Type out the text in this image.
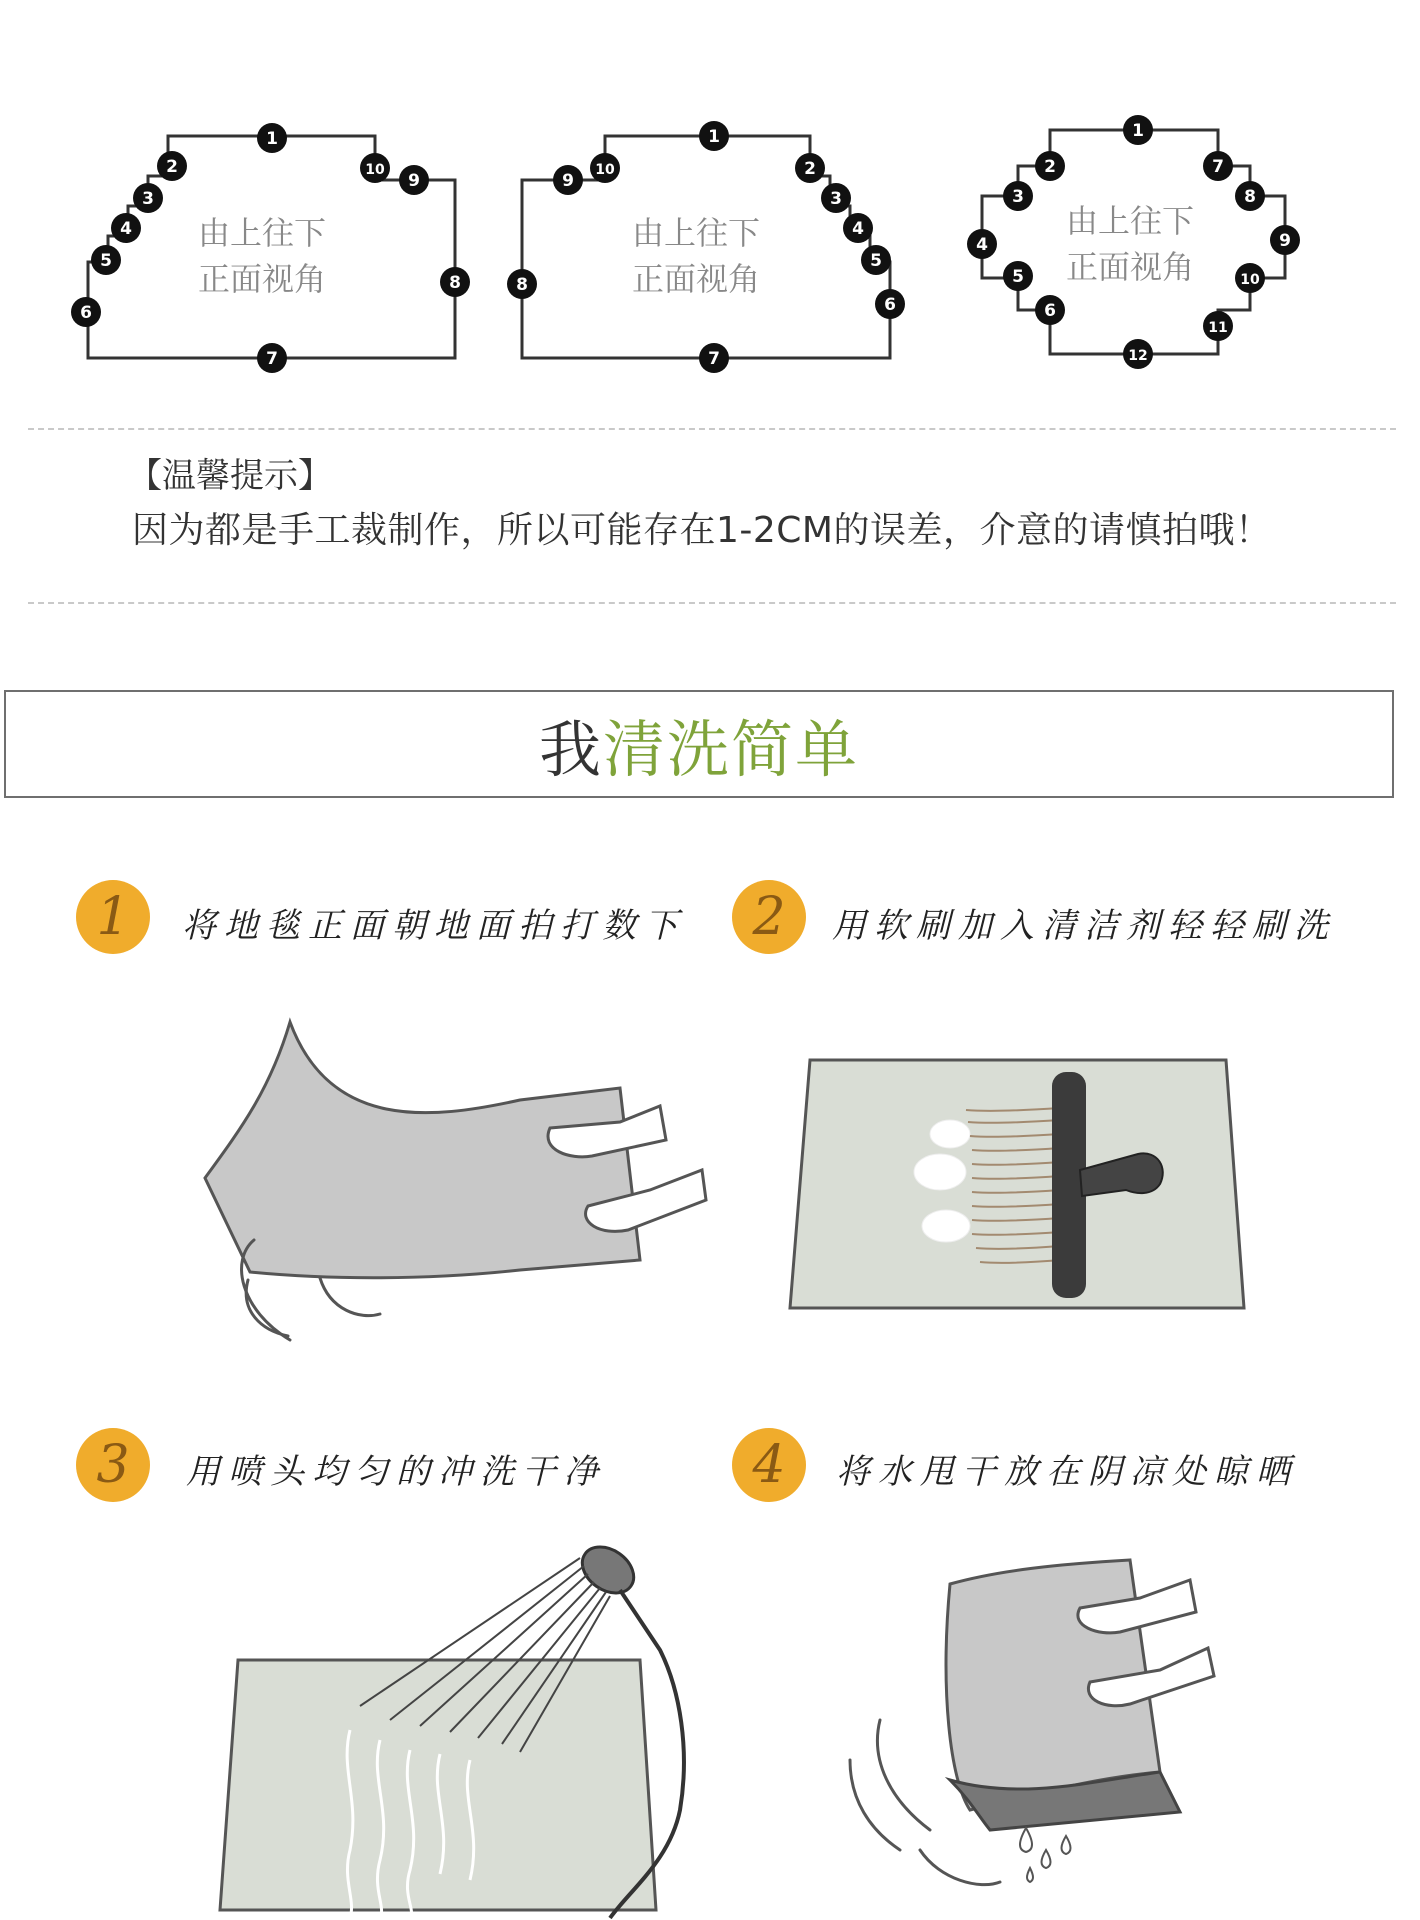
1
2
3
4
5
6
7
8
9
10
1
2
3
4
5
6
7
8
9
10
1
2
3
4
5
6
7
8
9
10
11
12
由上往下
正面视角
由上往下
正面视角
由上往下
正面视角
【温馨提示】
因为都是手工裁制作，所以可能存在1-2CM的误差，介意的请慎拍哦！
我 清洗简单
1 将地毯正面朝地面拍打数下 2 用软刷加入清洁剂轻轻刷洗
3 用喷头均匀的冲洗干净	4 将水甩干放在阴凉处晾晒
